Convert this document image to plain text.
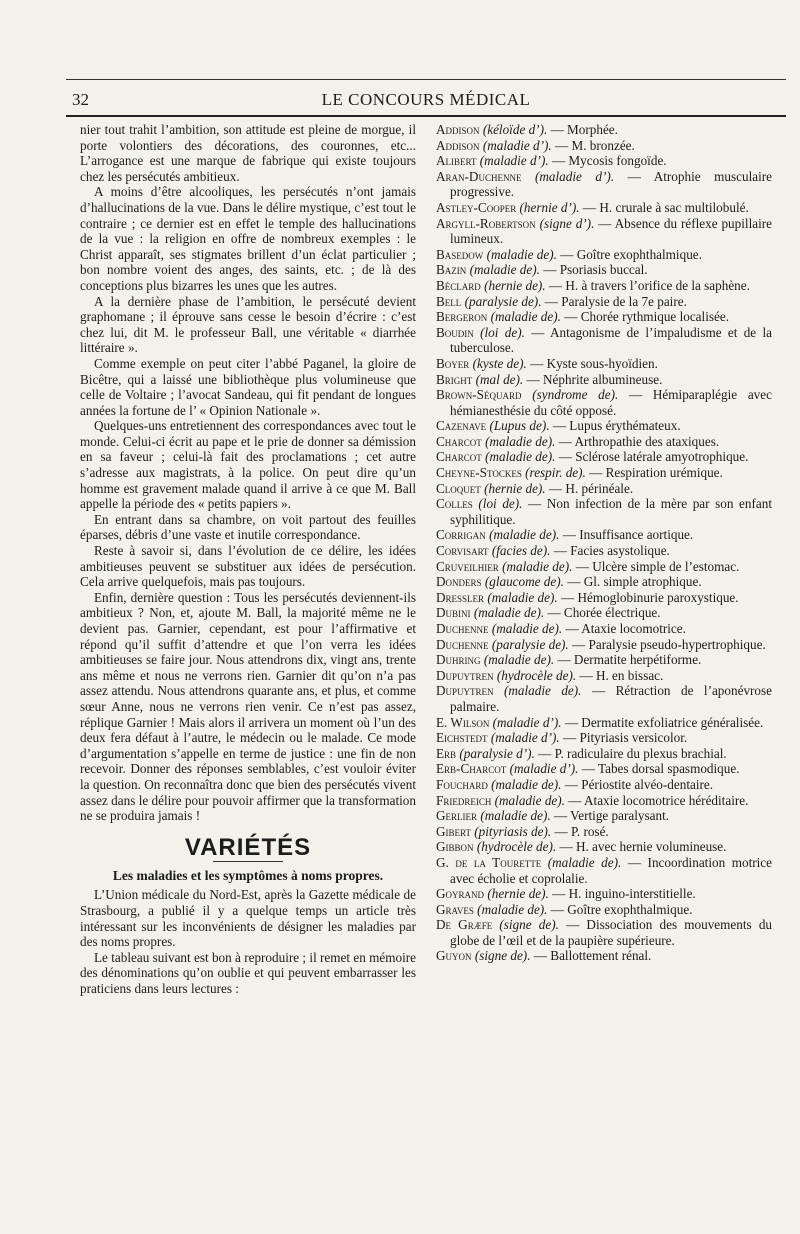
32	LE CONCOURS MÉDICAL

nier tout trahit l’ambition, son attitude est pleine de morgue, il porte volontiers des décorations, des couronnes, etc... L’arrogance est une marque de fabrique qui existe toujours chez les persécutés ambitieux.

A moins d’être alcooliques, les persécutés n’ont jamais d’hallucinations de la vue. Dans le délire mystique, c’est tout le contraire ; ce dernier est en effet le temple des hallucinations de la vue : la religion en offre de nombreux exemples : le Christ apparaît, ses stigmates brillent d’un éclat particulier ; bon nombre voient des anges, des saints, etc. ; de là des conceptions plus bizarres les unes que les autres.

A la dernière phase de l’ambition, le persécuté devient graphomane ; il éprouve sans cesse le besoin d’écrire : c’est chez lui, dit M. le professeur Ball, une véritable « diarrhée littéraire ».

Comme exemple on peut citer l’abbé Paganel, la gloire de Bicêtre, qui a laissé une bibliothèque plus volumineuse que celle de Voltaire ; l’avocat Sandeau, qui fit pendant de longues années la fortune de l’ « Opinion Nationale ».

Quelques-uns entretiennent des correspondances avec tout le monde. Celui-ci écrit au pape et le prie de donner sa démission en sa faveur ; celui-là fait des proclamations ; cet autre s’adresse aux magistrats, à la police. On peut dire qu’un homme est gravement malade quand il arrive à ce que M. Ball appelle la période des « petits papiers ».

En entrant dans sa chambre, on voit partout des feuilles éparses, débris d’une vaste et inutile correspondance.

Reste à savoir si, dans l’évolution de ce délire, les idées ambitieuses peuvent se substituer aux idées de persécution. Cela arrive quelquefois, mais pas toujours.

Enfin, dernière question : Tous les persécutés deviennent-ils ambitieux ? Non, et, ajoute M. Ball, la majorité même ne le devient pas. Garnier, cependant, est pour l’affirmative et répond qu’il suffit d’attendre et que l’on verra les idées ambitieuses se faire jour. Nous attendrons dix, vingt ans, trente ans même et nous ne verrons rien. Garnier dit qu’on n’a pas assez attendu. Nous attendrons quarante ans, et plus, et comme sœur Anne, nous ne verrons rien venir. Ce n’est pas assez, réplique Garnier ! Mais alors il arrivera un moment où l’un des deux fera défaut à l’autre, le médecin ou le malade. Ce mode d’argumentation s’appelle en terme de justice : une fin de non recevoir. Donner des réponses semblables, c’est vouloir éviter la question. On reconnaîtra donc que bien des persécutés vivent assez dans le délire pour pouvoir affirmer que la transformation ne se produira jamais !

VARIÉTÉS
Les maladies et les symptômes à noms propres.

L’Union médicale du Nord-Est, après la Gazette médicale de Strasbourg, a publié il y a quelque temps un article très intéressant sur les inconvénients de désigner les maladies par des noms propres.

Le tableau suivant est bon à reproduire ; il remet en mémoire des dénominations qu’on oublie et qui peuvent embarrasser les praticiens dans leurs lectures :

Addison (kéloïde d’). — Morphée.

Addison (maladie d’). — M. bronzée.

Alibert (maladie d’). — Mycosis fongoïde.

Aran-Duchenne (maladie d’). — Atrophie musculaire progressive.

Astley-Cooper (hernie d’). — H. crurale à sac multilobulé.

Argyll-Robertson (signe d’). — Absence du réflexe pupillaire lumineux.

Basedow (maladie de). — Goître exophthalmique.

Bazin (maladie de). — Psoriasis buccal.

Béclard (hernie de). — H. à travers l’orifice de la saphène.

Bell (paralysie de). — Paralysie de la 7e paire.

Bergeron (maladie de). — Chorée rythmique localisée.

Boudin (loi de). — Antagonisme de l’impaludisme et de la tuberculose.

Boyer (kyste de). — Kyste sous-hyoïdien.

Bright (mal de). — Néphrite albumineuse.

Brown-Séquard (syndrome de). — Hémiparaplégie avec hémianesthésie du côté opposé.

Cazenave (Lupus de). — Lupus érythémateux.

Charcot (maladie de). — Arthropathie des ataxiques.

Charcot (maladie de). — Sclérose latérale amyotrophique.

Cheyne-Stockes (respir. de). — Respiration urémique.

Cloquet (hernie de). — H. périnéale.

Colles (loi de). — Non infection de la mère par son enfant syphilitique.

Corrigan (maladie de). — Insuffisance aortique.

Corvisart (facies de). — Facies asystolique.

Cruveilhier (maladie de). — Ulcère simple de l’estomac.

Donders (glaucome de). — Gl. simple atrophique.

Dressler (maladie de). — Hémoglobinurie paroxystique.

Dubini (maladie de). — Chorée électrique.

Duchenne (maladie de). — Ataxie locomotrice.

Duchenne (paralysie de). — Paralysie pseudo-hypertrophique.

Duhring (maladie de). — Dermatite herpétiforme.

Dupuytren (hydrocèle de). — H. en bissac.

Dupuytren (maladie de). — Rétraction de l’aponévrose palmaire.

E. Wilson (maladie d’). — Dermatite exfoliatrice généralisée.

Eichstedt (maladie d’). — Pityriasis versicolor.

Erb (paralysie d’). — P. radiculaire du plexus brachial.

Erb-Charcot (maladie d’). — Tabes dorsal spasmodique.

Fouchard (maladie de). — Périostite alvéo-dentaire.

Friedreich (maladie de). — Ataxie locomotrice héréditaire.

Gerlier (maladie de). — Vertige paralysant.

Gibert (pityriasis de). — P. rosé.

Gibbon (hydrocèle de). — H. avec hernie volumineuse.

G. de la Tourette (maladie de). — Incoordination motrice avec écholie et coprolalie.

Goyrand (hernie de). — H. inguino-interstitielle.

Graves (maladie de). — Goître exophthalmique.

De Græfe (signe de). — Dissociation des mouvements du globe de l’œil et de la paupière supérieure.

Guyon (signe de). — Ballottement rénal.
